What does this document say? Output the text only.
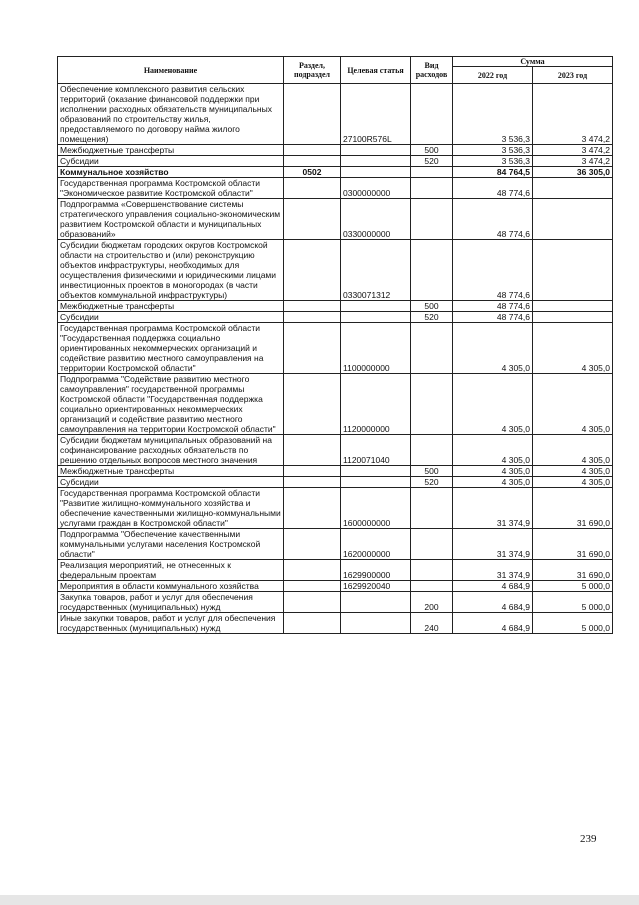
Наименование	Раздел, подраздел	Целевая статья	Вид расходов	Сумма	
				2022 год	2023 год
Обеспечение комплексного развития сельских территорий (оказание финансовой поддержки при исполнении расходных обязательств муниципальных образований по строительству жилья, предоставляемого по договору найма жилого помещения)		27100R576L		3 536,3	3 474,2
Межбюджетные трансферты			500	3 536,3	3 474,2
Субсидии			520	3 536,3	3 474,2
Коммунальное хозяйство	0502			84 764,5	36 305,0
Государственная программа Костромской области "Экономическое развитие Костромской области"		0300000000		48 774,6	
Подпрограмма «Совершенствование системы стратегического управления социально-экономическим развитием Костромской области и муниципальных образований»		0330000000		48 774,6	
Субсидии бюджетам городских округов Костромской области на строительство и (или) реконструкцию объектов инфраструктуры, необходимых для осуществления физическими и юридическими лицами инвестиционных проектов в моногородах (в части объектов коммунальной инфраструктуры)		0330071312		48 774,6	
Межбюджетные трансферты			500	48 774,6	
Субсидии			520	48 774,6	
Государственная программа Костромской области "Государственная поддержка социально ориентированных некоммерческих организаций и содействие развитию местного самоуправления на территории Костромской области"		1100000000		4 305,0	4 305,0
Подпрограмма "Содействие развитию местного самоуправления" государственной программы Костромской области "Государственная поддержка социально ориентированных некоммерческих организаций и содействие развитию местного самоуправления на территории Костромской области"		1120000000		4 305,0	4 305,0
Субсидии бюджетам муниципальных образований на софинансирование расходных обязательств по решению отдельных вопросов местного значения		1120071040		4 305,0	4 305,0
Межбюджетные трансферты			500	4 305,0	4 305,0
Субсидии			520	4 305,0	4 305,0
Государственная программа Костромской области "Развитие жилищно-коммунального хозяйства и обеспечение качественными жилищно-коммунальными услугами граждан в Костромской области"		1600000000		31 374,9	31 690,0
Подпрограмма "Обеспечение качественными коммунальными услугами населения Костромской области"		1620000000		31 374,9	31 690,0
Реализация мероприятий, не отнесенных к федеральным проектам		1629900000		31 374,9	31 690,0
Мероприятия в области коммунального хозяйства		1629920040		4 684,9	5 000,0
Закупка товаров, работ и услуг для обеспечения государственных (муниципальных) нужд			200	4 684,9	5 000,0
Иные закупки товаров, работ и услуг для обеспечения государственных (муниципальных) нужд			240	4 684,9	5 000,0
239
